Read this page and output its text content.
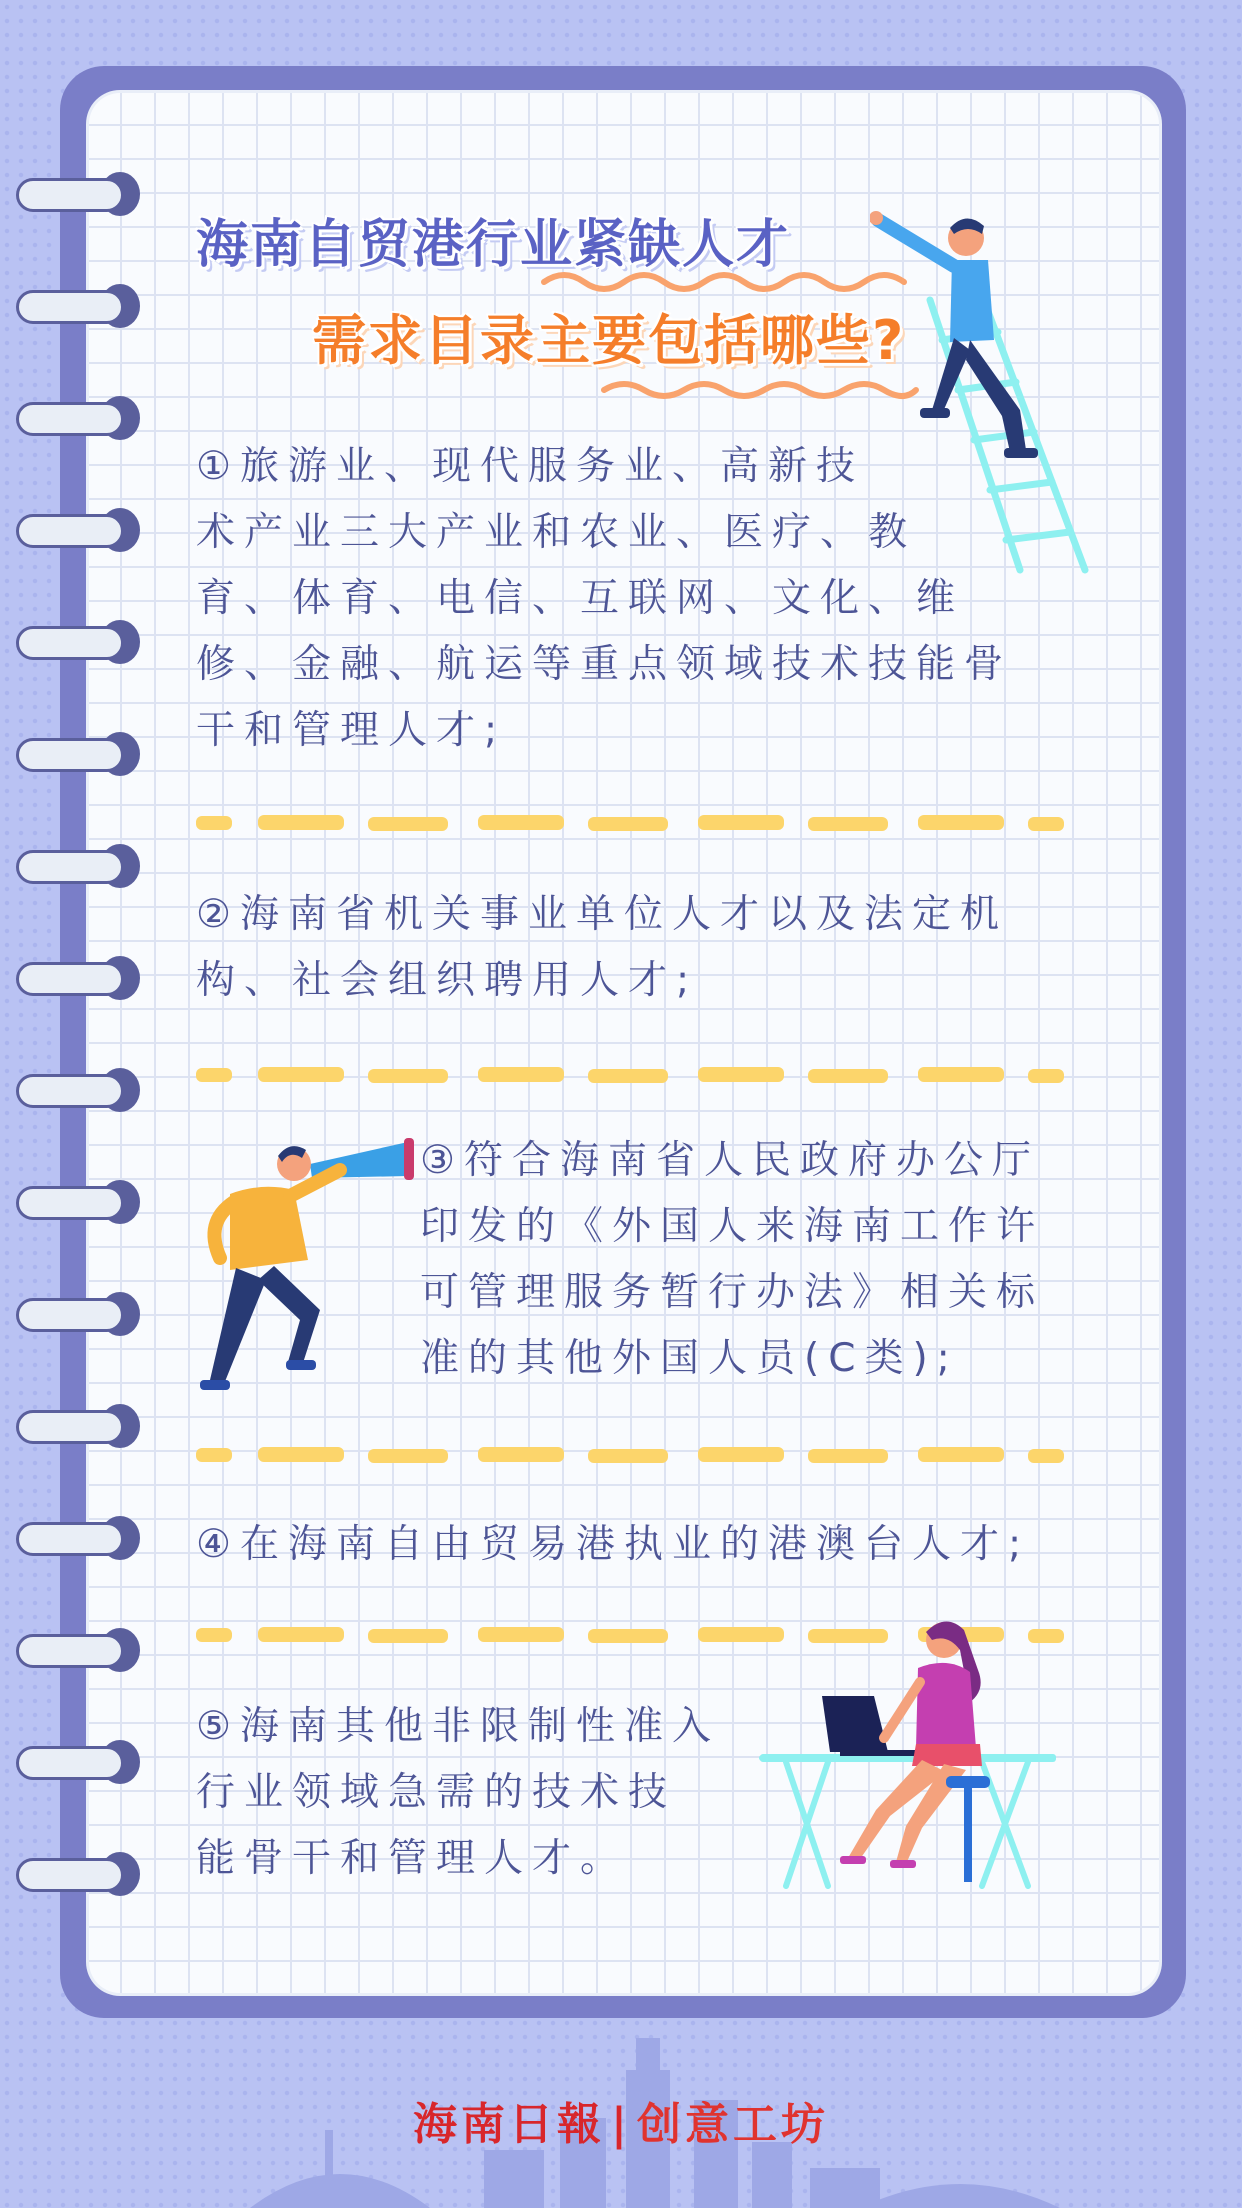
海南自贸港行业紧缺人才
需求目录主要包括哪些?

①旅游业、现代服务业、高新技
术产业三大产业和农业、医疗、教
育、体育、电信、互联网、文化、维
修、金融、航运等重点领域技术技能骨
干和管理人才;

②海南省机关事业单位人才以及法定机
构、社会组织聘用人才;

③符合海南省人民政府办公厅
印发的《外国人来海南工作许
可管理服务暂行办法》相关标
准的其他外国人员(C类);

④在海南自由贸易港执业的港澳台人才;

⑤海南其他非限制性准入
行业领域急需的技术技
能骨干和管理人才。

海南日報 | 创意工坊
